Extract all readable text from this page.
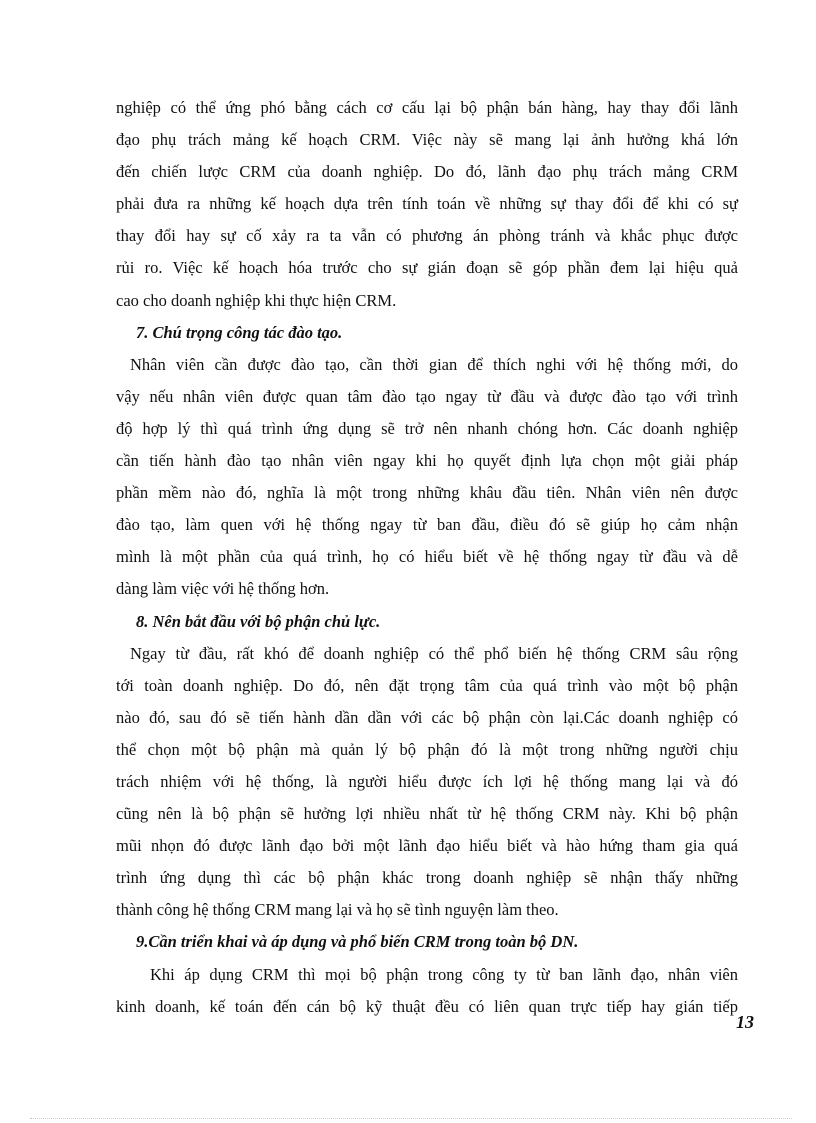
nghiệp có thể ứng phó bằng cách cơ cấu lại bộ phận bán hàng, hay thay đổi lãnh
đạo phụ trách mảng kế hoạch CRM. Việc này sẽ mang lại ảnh hưởng khá lớn
đến chiến lược CRM của doanh nghiệp. Do đó, lãnh đạo phụ trách mảng CRM
phải đưa ra những kế hoạch dựa trên tính toán về những sự thay đổi để khi có sự
thay đổi hay sự cố xảy ra ta vẫn có phương án phòng tránh và khắc phục được
rủi ro. Việc kế hoạch hóa trước cho sự gián đoạn sẽ góp phần đem lại hiệu quả
cao cho doanh nghiệp khi thực hiện CRM.
7. Chú trọng công tác đào tạo.
Nhân viên cần được đào tạo, cần thời gian để thích nghi với hệ thống mới, do
vậy nếu nhân viên được quan tâm đào tạo ngay từ đầu và được đào tạo với trình
độ hợp lý thì quá trình ứng dụng sẽ trở nên nhanh chóng hơn. Các doanh nghiệp
cần tiến hành đào tạo nhân viên ngay khi họ quyết định lựa chọn một giải pháp
phần mềm nào đó, nghĩa là một trong những khâu đầu tiên. Nhân viên nên được
đào tạo, làm quen với hệ thống ngay từ ban đầu, điều đó sẽ giúp họ cảm nhận
mình là một phần của quá trình, họ có hiểu biết về hệ thống ngay từ đầu và dễ
dàng làm việc với hệ thống hơn.
8. Nên bắt đầu với bộ phận chủ lực.
Ngay từ đầu, rất khó để doanh nghiệp có thể phổ biến hệ thống CRM sâu rộng
tới toàn doanh nghiệp. Do đó, nên đặt trọng tâm của quá trình vào một bộ phận
nào đó, sau đó sẽ tiến hành dần dần với các bộ phận còn lại.Các doanh nghiệp có
thể chọn một bộ phận mà quản lý bộ phận đó là một trong những người chịu
trách nhiệm với hệ thống, là người hiểu được ích lợi hệ thống mang lại và đó
cũng nên là bộ phận sẽ hưởng lợi nhiều nhất từ hệ thống CRM này. Khi bộ phận
mũi nhọn đó được lãnh đạo bởi một lãnh đạo hiểu biết và hào hứng tham gia quá
trình ứng dụng thì các bộ phận khác trong doanh nghiệp sẽ nhận thấy những
thành công hệ thống CRM mang lại và họ sẽ tình nguyện làm theo.
9.Cần triển khai và áp dụng và phổ biến CRM trong toàn bộ DN.
Khi áp dụng CRM thì mọi bộ phận trong công ty từ ban lãnh đạo, nhân viên
kinh doanh, kế toán đến cán bộ kỹ thuật đều có liên quan trực tiếp hay gián tiếp
13
